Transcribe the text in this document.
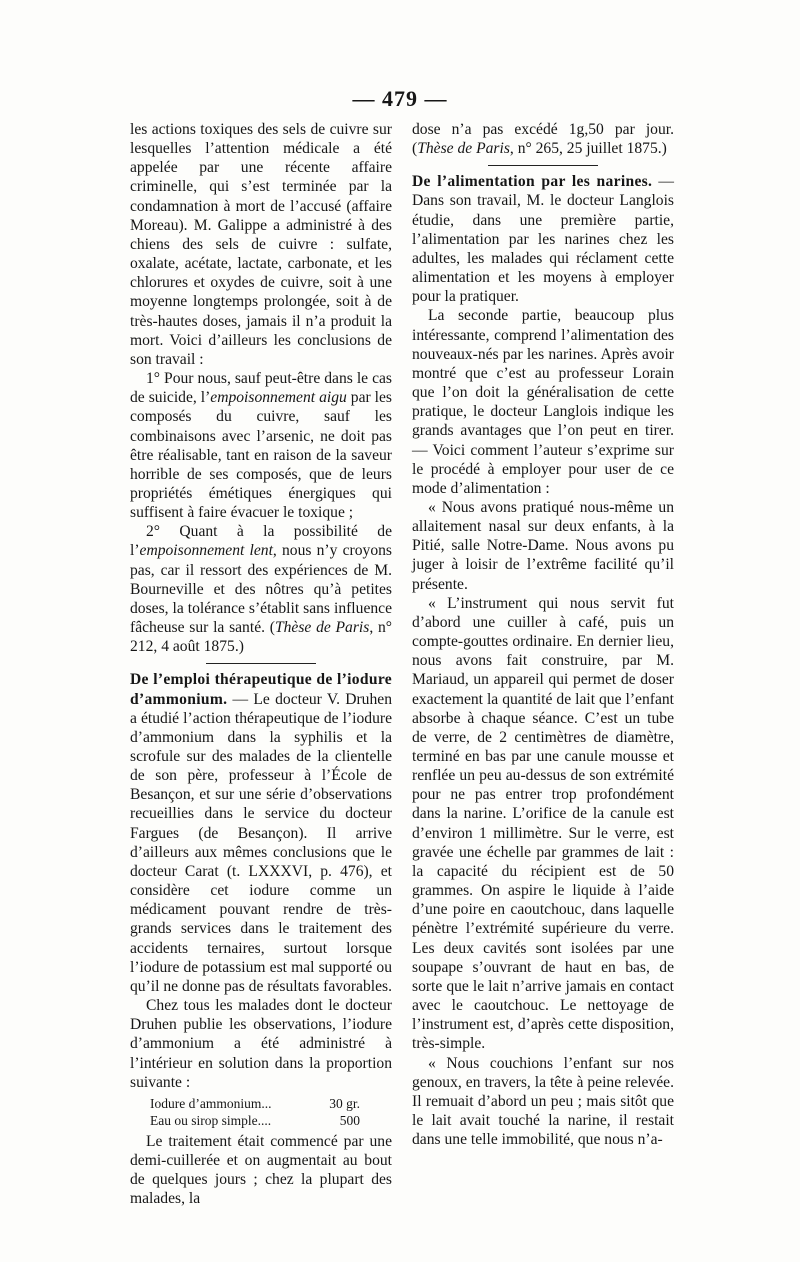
— 479 —

les actions toxiques des sels de cuivre sur lesquelles l’attention médicale a été appelée par une récente affaire criminelle, qui s’est terminée par la condamnation à mort de l’accusé (affaire Moreau). M. Galippe a administré à des chiens des sels de cuivre : sulfate, oxalate, acétate, lactate, carbonate, et les chlorures et oxydes de cuivre, soit à une moyenne longtemps prolongée, soit à de très-hautes doses, jamais il n’a produit la mort. Voici d’ailleurs les conclusions de son travail :

1° Pour nous, sauf peut-être dans le cas de suicide, l’empoisonnement aigu par les composés du cuivre, sauf les combinaisons avec l’arsenic, ne doit pas être réalisable, tant en raison de la saveur horrible de ses composés, que de leurs propriétés émétiques énergiques qui suffisent à faire évacuer le toxique ;

2° Quant à la possibilité de l’empoisonnement lent, nous n’y croyons pas, car il ressort des expériences de M. Bourneville et des nôtres qu’à petites doses, la tolérance s’établit sans influence fâcheuse sur la santé. (Thèse de Paris, n° 212, 4 août 1875.)

De l’emploi thérapeutique de l’iodure d’ammonium. — Le docteur V. Druhen a étudié l’action thérapeutique de l’iodure d’ammonium dans la syphilis et la scrofule sur des malades de la clientelle de son père, professeur à l’École de Besançon, et sur une série d’observations recueillies dans le service du docteur Fargues (de Besançon). Il arrive d’ailleurs aux mêmes conclusions que le docteur Carat (t. LXXXVI, p. 476), et considère cet iodure comme un médicament pouvant rendre de très-grands services dans le traitement des accidents ternaires, surtout lorsque l’iodure de potassium est mal supporté ou qu’il ne donne pas de résultats favorables.

Chez tous les malades dont le docteur Druhen publie les observations, l’iodure d’ammonium a été administré à l’intérieur en solution dans la proportion suivante :

Iodure d’ammonium...	30 gr.
Eau ou sirop simple....	500

Le traitement était commencé par une demi-cuillerée et on augmentait au bout de quelques jours ; chez la plupart des malades, la

dose n’a pas excédé 1g,50 par jour. (Thèse de Paris, n° 265, 25 juillet 1875.)

De l’alimentation par les narines. — Dans son travail, M. le docteur Langlois étudie, dans une première partie, l’alimentation par les narines chez les adultes, les malades qui réclament cette alimentation et les moyens à employer pour la pratiquer.

La seconde partie, beaucoup plus intéressante, comprend l’alimentation des nouveaux-nés par les narines. Après avoir montré que c’est au professeur Lorain que l’on doit la généralisation de cette pratique, le docteur Langlois indique les grands avantages que l’on peut en tirer. — Voici comment l’auteur s’exprime sur le procédé à employer pour user de ce mode d’alimentation :

« Nous avons pratiqué nous-même un allaitement nasal sur deux enfants, à la Pitié, salle Notre-Dame. Nous avons pu juger à loisir de l’extrême facilité qu’il présente.

« L’instrument qui nous servit fut d’abord une cuiller à café, puis un compte-gouttes ordinaire. En dernier lieu, nous avons fait construire, par M. Mariaud, un appareil qui permet de doser exactement la quantité de lait que l’enfant absorbe à chaque séance. C’est un tube de verre, de 2 centimètres de diamètre, terminé en bas par une canule mousse et renflée un peu au-dessus de son extrémité pour ne pas entrer trop profondément dans la narine. L’orifice de la canule est d’environ 1 millimètre. Sur le verre, est gravée une échelle par grammes de lait : la capacité du récipient est de 50 grammes. On aspire le liquide à l’aide d’une poire en caoutchouc, dans laquelle pénètre l’extrémité supérieure du verre. Les deux cavités sont isolées par une soupape s’ouvrant de haut en bas, de sorte que le lait n’arrive jamais en contact avec le caoutchouc. Le nettoyage de l’instrument est, d’après cette disposition, très-simple.

« Nous couchions l’enfant sur nos genoux, en travers, la tête à peine relevée. Il remuait d’abord un peu ; mais sitôt que le lait avait touché la narine, il restait dans une telle immobilité, que nous n’a-
